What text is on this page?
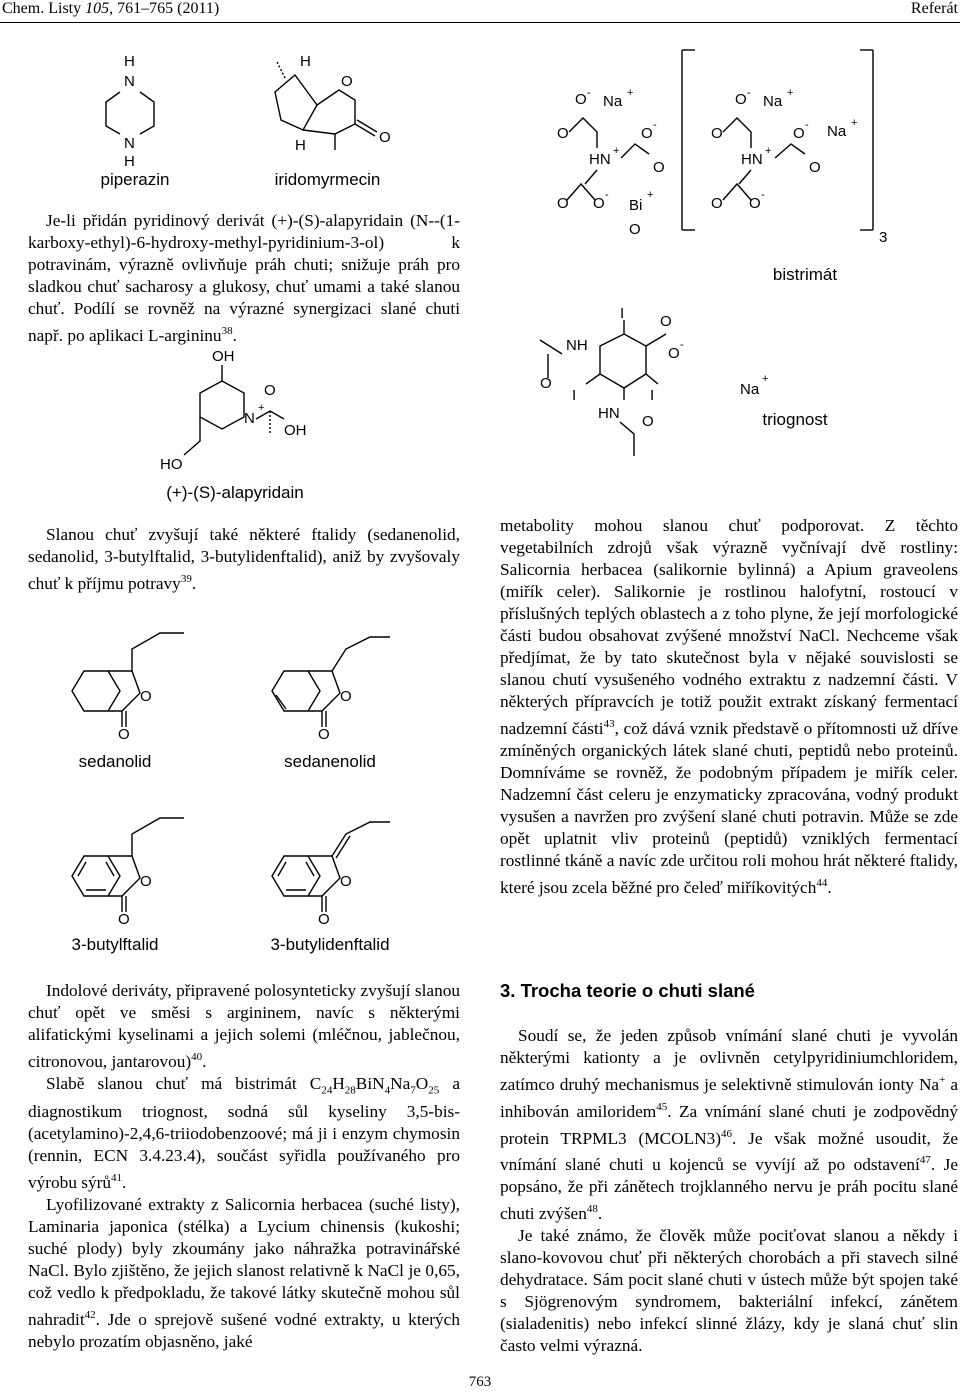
Chem. Listy 105, 761–765 (2011)	Referát
H
N
N
H
piperazin
H
O
O
H
iridomyrmecin

Je-li přidán pyridinový derivát (+)-(S)-alapyridain (N--(1-karboxy-ethyl)-6-hydroxy-methyl-pyridinium-3-ol) k potravinám, výrazně ovlivňuje práh chuti; snižuje práh pro sladkou chuť sacharosy a glukosy, chuť umami a také slanou chuť. Podílí se rovněž na výrazné synergizaci slané chuti např. po aplikaci L-argininu$^{38}$.

O - Na +
O
HN +
O -
O
O O -
Bi
+
O
O - Na +
O
HN +
O -
O
Na +
O O -
3
bistrimát
O
NH
I
I	I
O
O -
HN O
Na
+
triognost
OH
N
+
O
OH
HO
(+)-(S)-alapyridain

Slanou chuť zvyšují také některé ftalidy (sedanenolid, sedanolid, 3-butylftalid, 3-butylidenftalid), aniž by zvyšovaly chuť k příjmu potravy$^{39}$.

O
O
sedanolid
O
O
sedanenolid
O
O
3-butylftalid
O
O
3-butylidenftalid

Indolové deriváty, připravené polosynteticky zvyšují slanou chuť opět ve směsi s argininem, navíc s některými alifatickými kyselinami a jejich solemi (mléčnou, jablečnou, citronovou, jantarovou)$^{40}$.

Slabě slanou chuť má bistrimát $C_{24}H_{28}BiN_4Na_7O_{25}$ a diagnostikum triognost, sodná sůl kyseliny 3,5-bis-(acetylamino)-2,4,6-triiodobenzoové; má ji i enzym chymosin (rennin, ECN 3.4.23.4), součást syřidla používaného pro výrobu sýrů$^{41}$.

Lyofilizované extrakty z Salicornia herbacea (suché listy), Laminaria japonica (stélka) a Lycium chinensis (kukoshi; suché plody) byly zkoumány jako náhražka potravinářské NaCl. Bylo zjištěno, že jejich slanost relativně k NaCl je 0,65, což vedlo k předpokladu, že takové látky skutečně mohou sůl nahradit$^{42}$. Jde o sprejově sušené vodné extrakty, u kterých nebylo prozatím objasněno, jaké

metabolity mohou slanou chuť podporovat. Z těchto vegetabilních zdrojů však výrazně vyčnívají dvě rostliny: Salicornia herbacea (salikornie bylinná) a Apium graveolens (miřík celer). Salikornie je rostlinou halofytní, rostoucí v příslušných teplých oblastech a z toho plyne, že její morfologické části budou obsahovat zvýšené množství NaCl. Nechceme však předjímat, že by tato skutečnost byla v nějaké souvislosti se slanou chutí vysušeného vodného extraktu z nadzemní části. V některých přípravcích je totiž použit extrakt získaný fermentací nadzemní části$^{43}$, což dává vznik představě o přítomnosti už dříve zmíněných organických látek slané chuti, peptidů nebo proteinů. Domníváme se rovněž, že podobným případem je miřík celer. Nadzemní část celeru je enzymaticky zpracována, vodný produkt vysušen a navržen pro zvýšení slané chuti potravin. Může se zde opět uplatnit vliv proteinů (peptidů) vzniklých fermentací rostlinné tkáně a navíc zde určitou roli mohou hrát některé ftalidy, které jsou zcela běžné pro čeleď miříkovitých$^{44}$.

3. Trocha teorie o chuti slané

Soudí se, že jeden způsob vnímání slané chuti je vyvolán některými kationty a je ovlivněn cetylpyridiniumchloridem, zatímco druhý mechanismus je selektivně stimulován ionty Na+ a inhibován amiloridem$^{45}$. Za vnímání slané chuti je zodpovědný protein TRPML3 (MCOLN3)$^{46}$. Je však možné usoudit, že vnímání slané chuti u kojenců se vyvíjí až po odstavení$^{47}$. Je popsáno, že při zánětech trojklanného nervu je práh pocitu slané chuti zvýšen$^{48}$.

Je také známo, že člověk může pociťovat slanou a někdy i slano-kovovou chuť při některých chorobách a při stavech silné dehydratace. Sám pocit slané chuti v ústech může být spojen také s Sjögrenovým syndromem, bakteriální infekcí, zánětem (sialadenitis) nebo infekcí slinné žlázy, kdy je slaná chuť slin často velmi výrazná.

763
